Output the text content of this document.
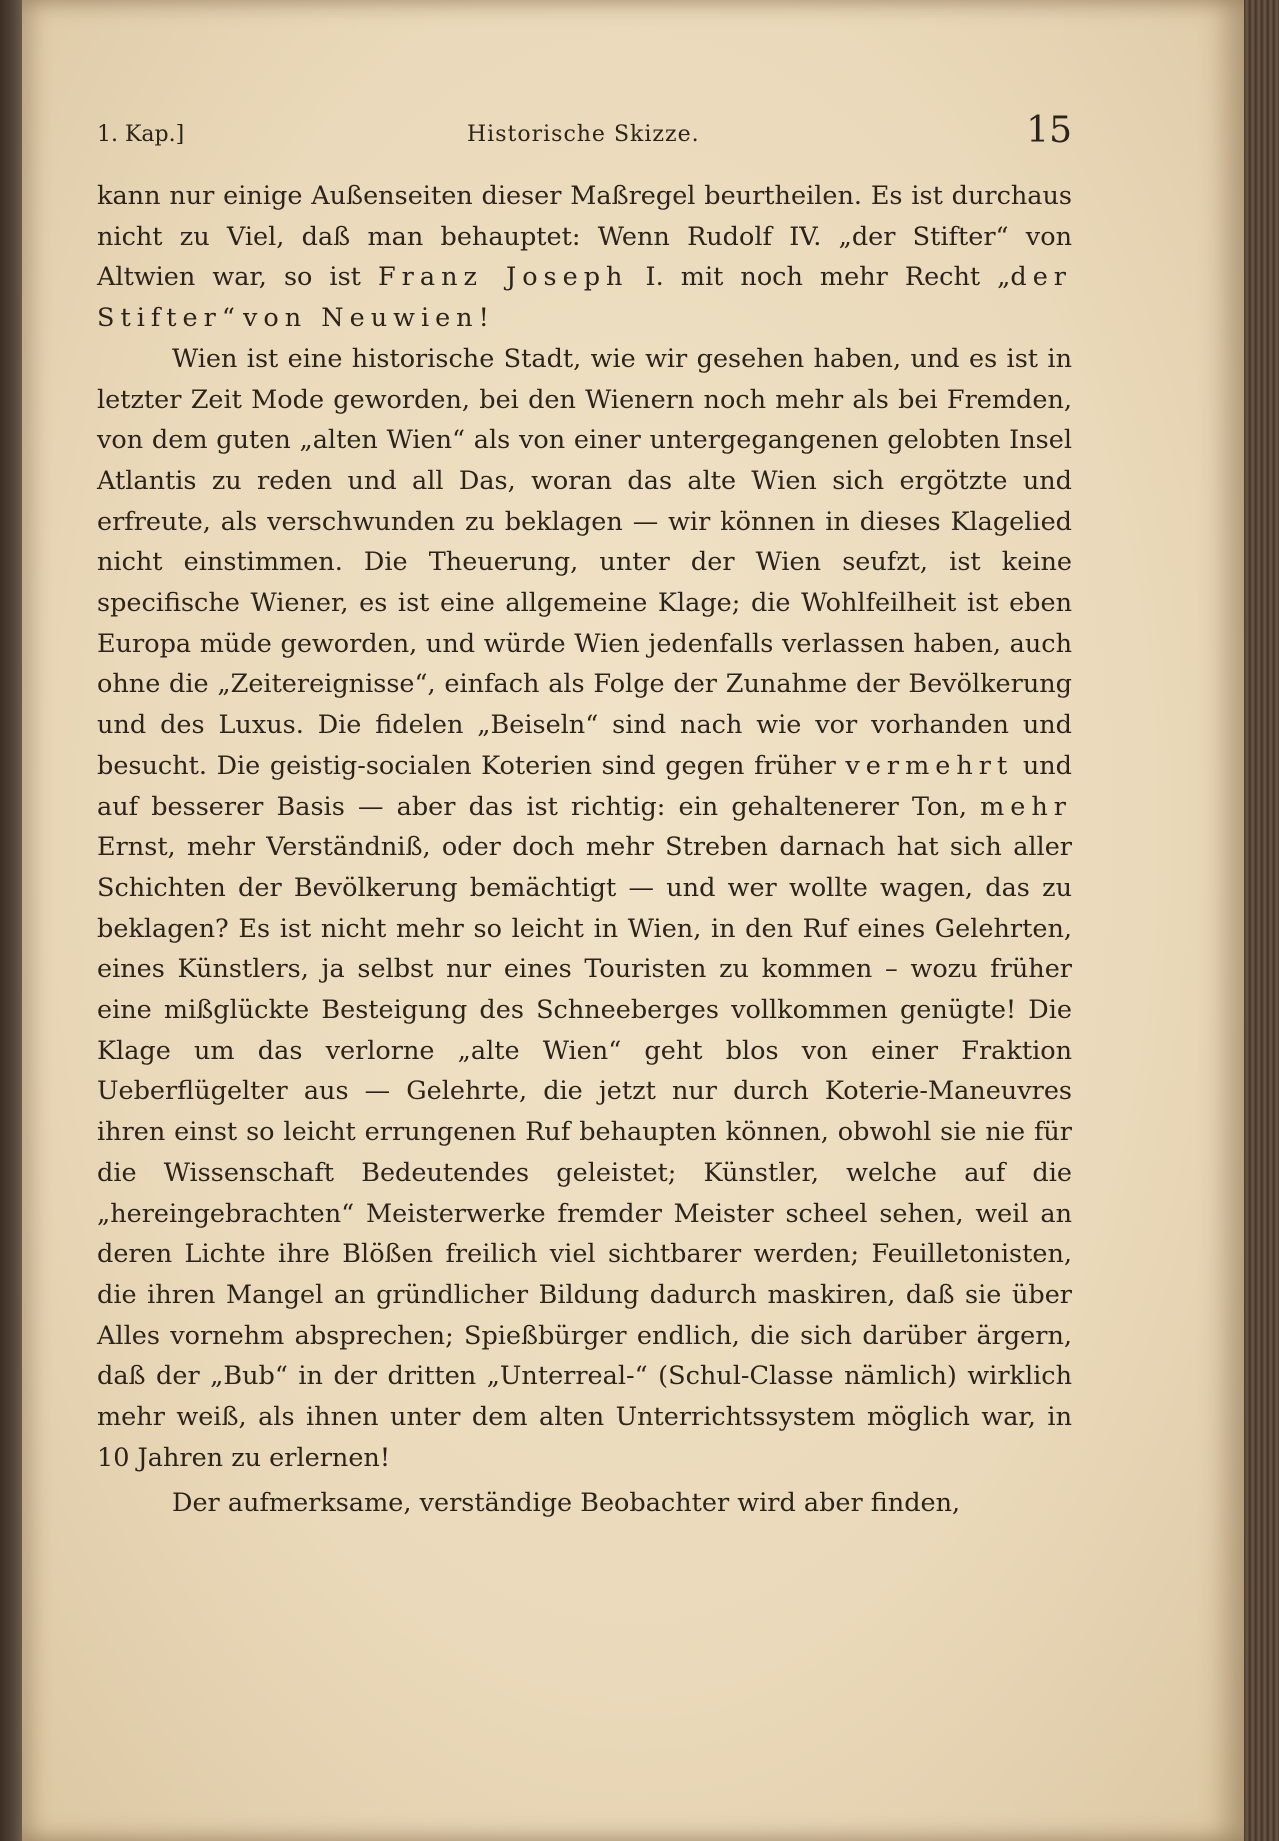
1. Kap.]	Historische Skizze.	15

kann nur einige Außenseiten dieser Maßregel beurtheilen. Es ist durchaus nicht zu Viel, daß man behauptet: Wenn Rudolf IV. „der Stifter“ von Altwien war, so ist Franz Joseph I. mit noch mehr Recht „der Stifter“ von Neuwien!

Wien ist eine historische Stadt, wie wir gesehen haben, und es ist in letzter Zeit Mode geworden, bei den Wienern noch mehr als bei Fremden, von dem guten „alten Wien“ als von einer untergegangenen gelobten Insel Atlantis zu reden und all Das, woran das alte Wien sich ergötzte und erfreute, als verschwunden zu beklagen — wir können in dieses Klagelied nicht einstimmen. Die Theuerung, unter der Wien seufzt, ist keine specifische Wiener, es ist eine allgemeine Klage; die Wohlfeilheit ist eben Europa müde geworden, und würde Wien jedenfalls verlassen haben, auch ohne die „Zeitereignisse“, einfach als Folge der Zunahme der Bevölkerung und des Luxus. Die fidelen „Beiseln“ sind nach wie vor vorhanden und besucht. Die geistig-socialen Koterien sind gegen früher vermehrt und auf besserer Basis — aber das ist richtig: ein gehaltenerer Ton, mehr Ernst, mehr Verständniß, oder doch mehr Streben darnach hat sich aller Schichten der Bevölkerung bemächtigt — und wer wollte wagen, das zu beklagen? Es ist nicht mehr so leicht in Wien, in den Ruf eines Gelehrten, eines Künstlers, ja selbst nur eines Touristen zu kommen – wozu früher eine mißglückte Besteigung des Schneeberges vollkommen genügte! Die Klage um das verlorne „alte Wien“ geht blos von einer Fraktion Ueberflügelter aus — Gelehrte, die jetzt nur durch Koterie-Maneuvres ihren einst so leicht errungenen Ruf behaupten können, obwohl sie nie für die Wissenschaft Bedeutendes geleistet; Künstler, welche auf die „hereingebrachten“ Meisterwerke fremder Meister scheel sehen, weil an deren Lichte ihre Blößen freilich viel sichtbarer werden; Feuilletonisten, die ihren Mangel an gründlicher Bildung dadurch maskiren, daß sie über Alles vornehm absprechen; Spießbürger endlich, die sich darüber ärgern, daß der „Bub“ in der dritten „Unterreal-“ (Schul-Classe nämlich) wirklich mehr weiß, als ihnen unter dem alten Unterrichtssystem möglich war, in 10 Jahren zu erlernen!

Der aufmerksame, verständige Beobachter wird aber finden,
